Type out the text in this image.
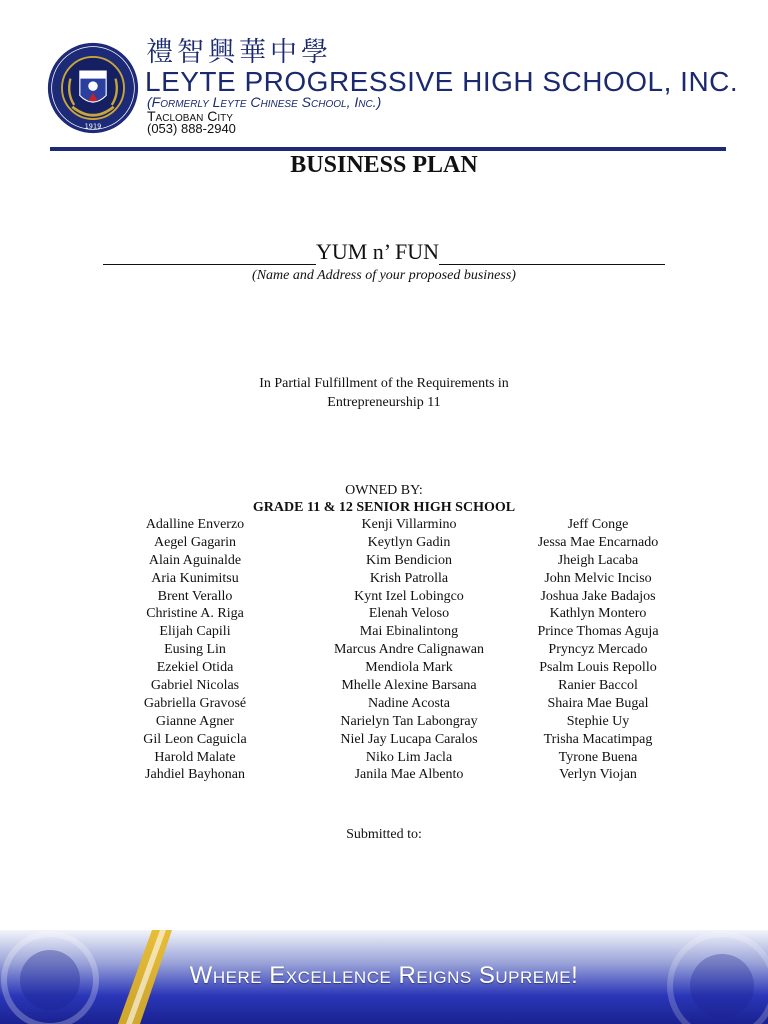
1919
禮智興華中學
LEYTE PROGRESSIVE HIGH SCHOOL, INC.
(Formerly Leyte Chinese School, Inc.)
Tacloban City
(053) 888-2940
BUSINESS PLAN
YUM n’ FUN
(Name and Address of your proposed business)
In Partial Fulfillment of the Requirements in
Entrepreneurship 11
OWNED BY:
GRADE 11 & 12 SENIOR HIGH SCHOOL
Adalline Enverzo
Aegel Gagarin
Alain Aguinalde
Aria Kunimitsu
Brent Verallo
Christine A. Riga
Elijah Capili
Eusing Lin
Ezekiel Otida
Gabriel Nicolas
Gabriella Gravosé
Gianne Agner
Gil Leon Caguicla
Harold Malate
Jahdiel Bayhonan
Kenji Villarmino
Keytlyn Gadin
Kim Bendicion
Krish Patrolla
Kynt Izel Lobingco
Elenah Veloso
Mai Ebinalintong
Marcus Andre Calignawan
Mendiola Mark
Mhelle Alexine Barsana
Nadine Acosta
Narielyn Tan Labongray
Niel Jay Lucapa Caralos
Niko Lim Jacla
Janila Mae Albento
Jeff Conge
Jessa Mae Encarnado
Jheigh Lacaba
John Melvic Inciso
Joshua Jake Badajos
Kathlyn Montero
Prince Thomas Aguja
Pryncyz Mercado
Psalm Louis Repollo
Ranier Baccol
Shaira Mae Bugal
Stephie Uy
Trisha Macatimpag
Tyrone Buena
Verlyn Viojan
Submitted to:
Where Excellence Reigns Supreme!
